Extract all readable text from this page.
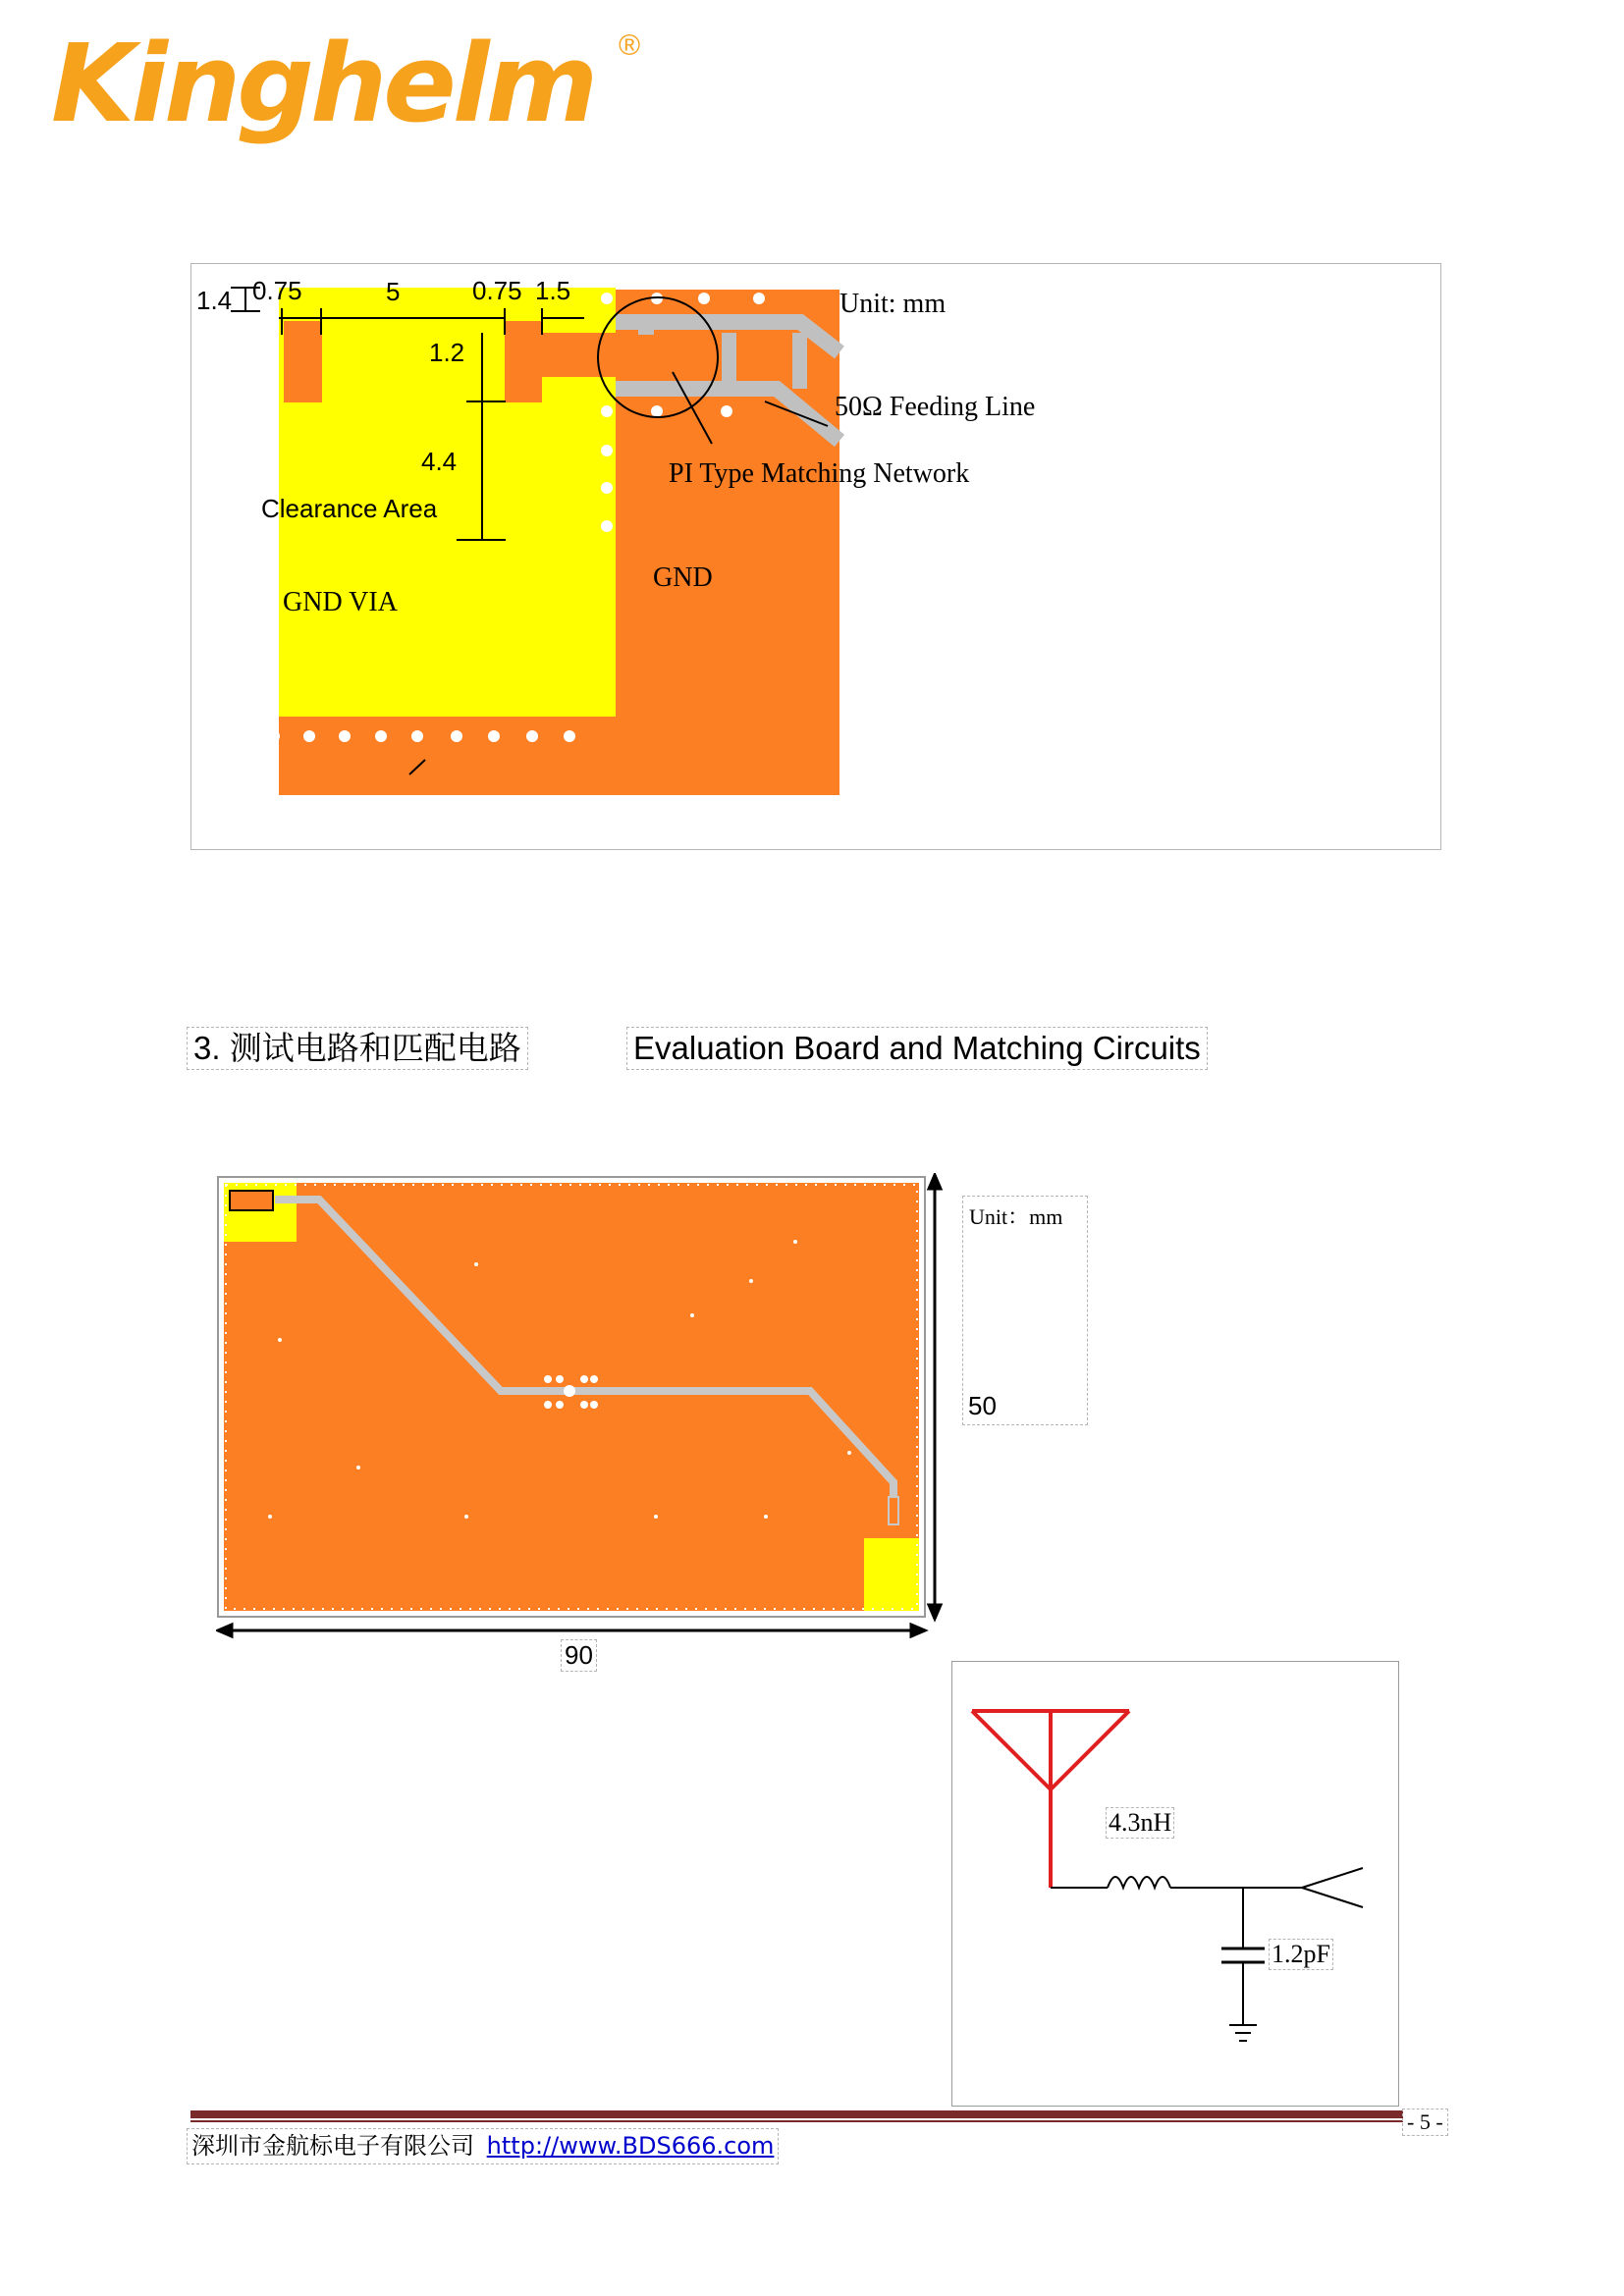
Kinghelm ®
1.4 0.75	5	0.75 1.5
1.2
4.4
Clearance Area
Unit: mm
50Ω Feeding Line
PI Type Matching Network
GND VIA
GND
3. 测试电路和匹配电路	Evaluation Board and Matching Circuits
Unit：mm
50
90
4.3nH
1.2pF
深圳市金航标电子有限公司 http://www.BDS666.com
- 5 -
